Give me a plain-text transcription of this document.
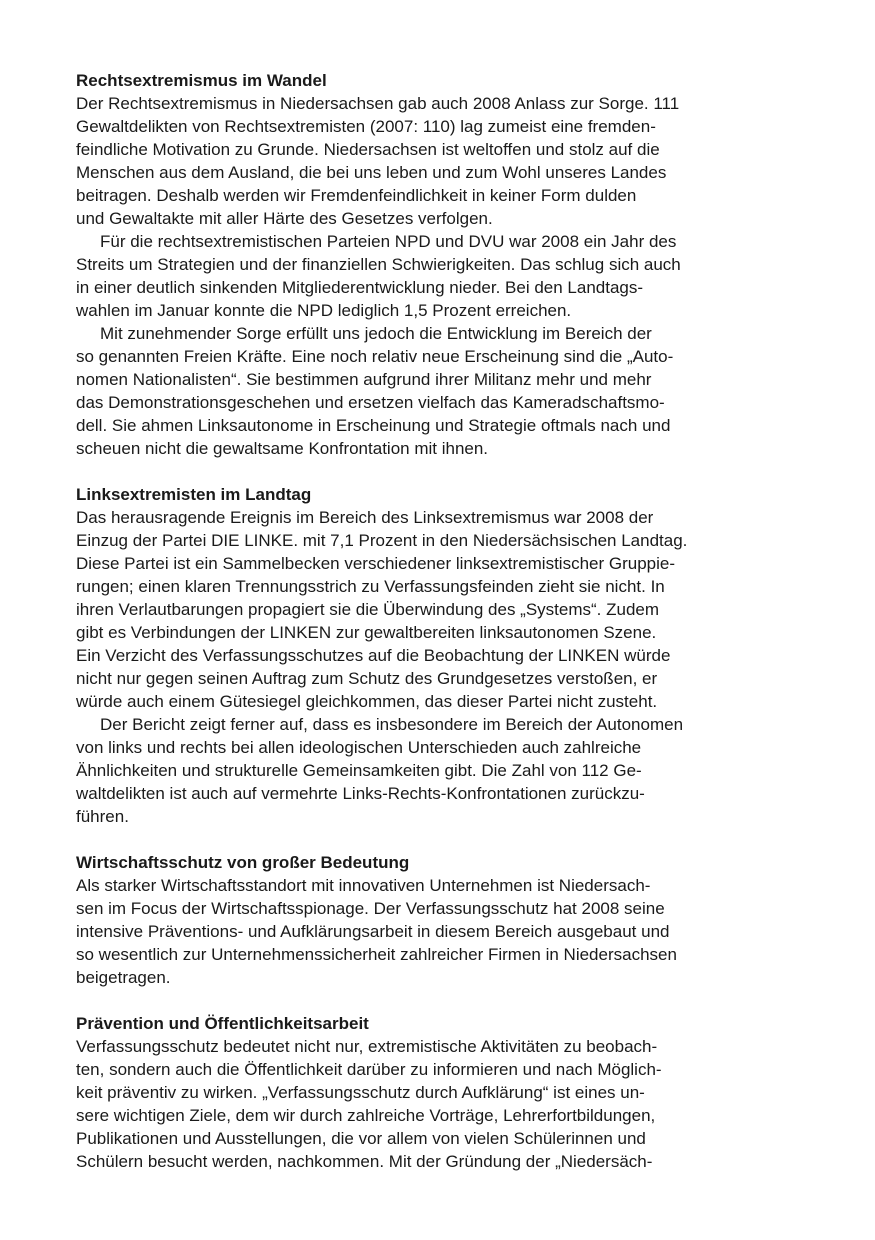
Rechtsextremismus im Wandel
Der Rechtsextremismus in Niedersachsen gab auch 2008 Anlass zur Sorge. 111
Gewaltdelikten von Rechtsextremisten (2007: 110) lag zumeist eine fremden-
feindliche Motivation zu Grunde. Niedersachsen ist weltoffen und stolz auf die
Menschen aus dem Ausland, die bei uns leben und zum Wohl unseres Landes
beitragen. Deshalb werden wir Fremdenfeindlichkeit in keiner Form dulden
und Gewaltakte mit aller Härte des Gesetzes verfolgen.
Für die rechtsextremistischen Parteien NPD und DVU war 2008 ein Jahr des
Streits um Strategien und der finanziellen Schwierigkeiten. Das schlug sich auch
in einer deutlich sinkenden Mitgliederentwicklung nieder. Bei den Landtags-
wahlen im Januar konnte die NPD lediglich 1,5 Prozent erreichen.
Mit zunehmender Sorge erfüllt uns jedoch die Entwicklung im Bereich der
so genannten Freien Kräfte. Eine noch relativ neue Erscheinung sind die „Auto-
nomen Nationalisten“. Sie bestimmen aufgrund ihrer Militanz mehr und mehr
das Demonstrationsgeschehen und ersetzen vielfach das Kameradschaftsmo-
dell. Sie ahmen Linksautonome in Erscheinung und Strategie oftmals nach und
scheuen nicht die gewaltsame Konfrontation mit ihnen.
Linksextremisten im Landtag
Das herausragende Ereignis im Bereich des Linksextremismus war 2008 der
Einzug der Partei DIE LINKE. mit 7,1 Prozent in den Niedersächsischen Landtag.
Diese Partei ist ein Sammelbecken verschiedener linksextremistischer Gruppie-
rungen; einen klaren Trennungsstrich zu Verfassungsfeinden zieht sie nicht. In
ihren Verlautbarungen propagiert sie die Überwindung des „Systems“. Zudem
gibt es Verbindungen der LINKEN zur gewaltbereiten linksautonomen Szene.
Ein Verzicht des Verfassungsschutzes auf die Beobachtung der LINKEN würde
nicht nur gegen seinen Auftrag zum Schutz des Grundgesetzes verstoßen, er
würde auch einem Gütesiegel gleichkommen, das dieser Partei nicht zusteht.
Der Bericht zeigt ferner auf, dass es insbesondere im Bereich der Autonomen
von links und rechts bei allen ideologischen Unterschieden auch zahlreiche
Ähnlichkeiten und strukturelle Gemeinsamkeiten gibt. Die Zahl von 112 Ge-
waltdelikten ist auch auf vermehrte Links-Rechts-Konfrontationen zurückzu-
führen.
Wirtschaftsschutz von großer Bedeutung
Als starker Wirtschaftsstandort mit innovativen Unternehmen ist Niedersach-
sen im Focus der Wirtschaftsspionage. Der Verfassungsschutz hat 2008 seine
intensive Präventions- und Aufklärungsarbeit in diesem Bereich ausgebaut und
so wesentlich zur Unternehmenssicherheit zahlreicher Firmen in Niedersachsen
beigetragen.
Prävention und Öffentlichkeitsarbeit
Verfassungsschutz bedeutet nicht nur, extremistische Aktivitäten zu beobach-
ten, sondern auch die Öffentlichkeit darüber zu informieren und nach Möglich-
keit präventiv zu wirken. „Verfassungsschutz durch Aufklärung“ ist eines un-
sere wichtigen Ziele, dem wir durch zahlreiche Vorträge, Lehrerfortbildungen,
Publikationen und Ausstellungen, die vor allem von vielen Schülerinnen und
Schülern besucht werden, nachkommen. Mit der Gründung der „Niedersäch-
